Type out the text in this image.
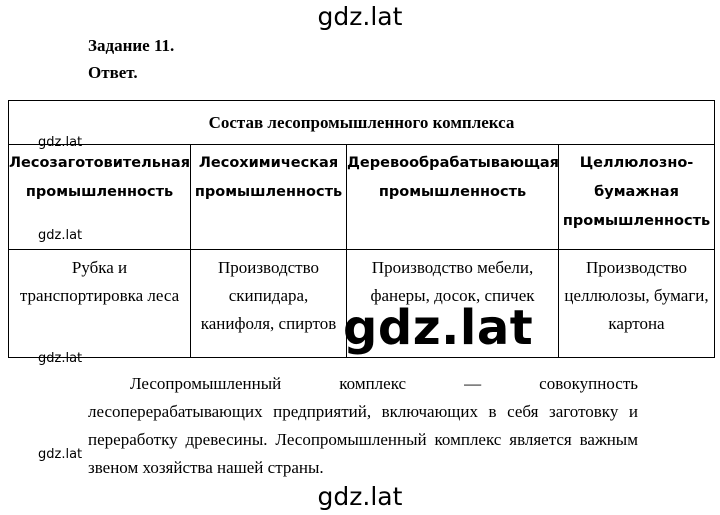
gdz.lat
Задание 11.
Ответ.
Состав лесопромышленного комплекса			
Лесозаготовительная промышленность	Лесохимическая промышленность	Деревообрабатывающая промышленность	Целлюлозно-бумажная промышленность
Рубка и транспортировка леса	Производство скипидара, канифоля, спиртов	Производство мебели, фанеры, досок, спичек	Производство целлюлозы, бумаги, картона
gdz.lat
gdz.lat
gdz.lat
gdz.lat
gdz.lat
Лесопромышленный комплекс — совокупность лесоперерабатывающих предприятий, включающих в себя заготовку и переработку древесины. Лесопромышленный комплекс является важным звеном хозяйства нашей страны.
gdz.lat
